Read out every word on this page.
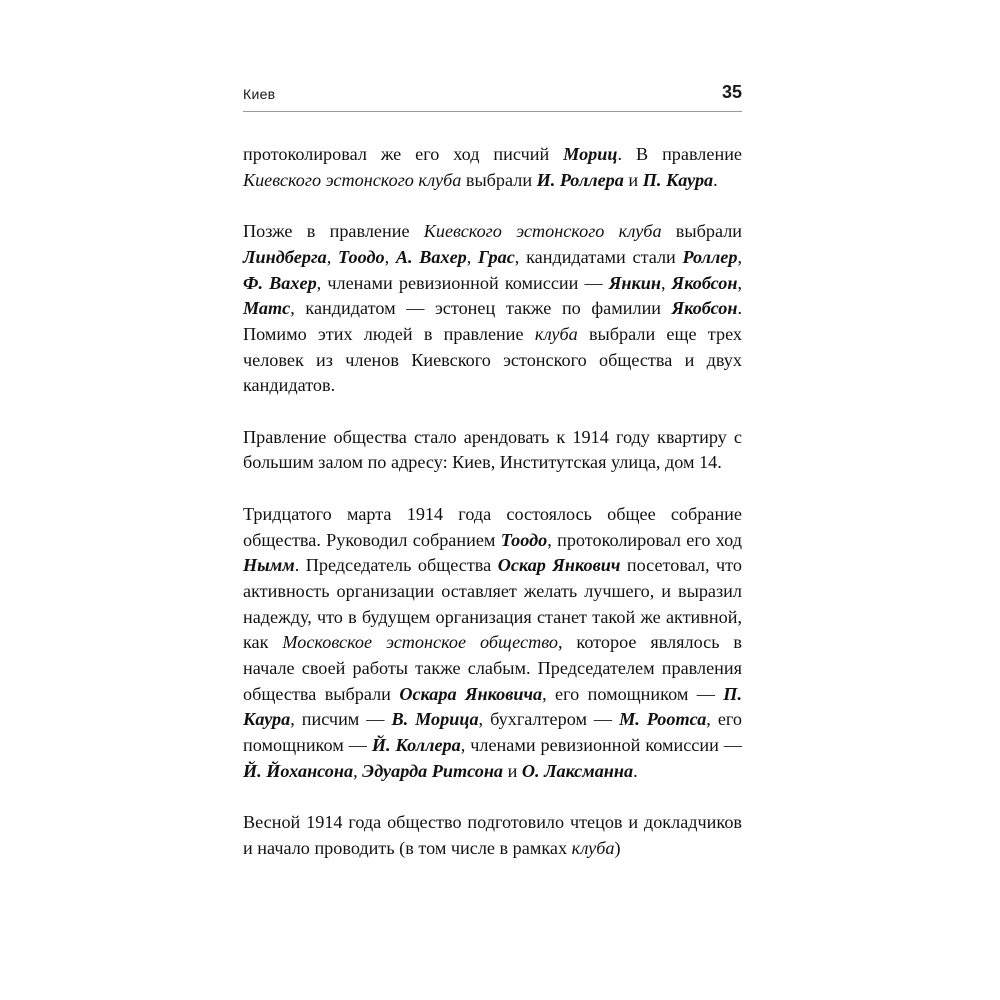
Киев	35

протоколировал же его ход писчий Мориц. В правление Киевского эстонского клуба выбрали И. Роллера и П. Каура.

Позже в правление Киевского эстонского клуба выбрали Линдберга, Тоодо, А. Вахер, Грас, кандидатами стали Роллер, Ф. Вахер, членами ревизионной комиссии — Янкин, Якобсон, Матс, кандидатом — эстонец также по фамилии Якобсон. Помимо этих людей в правление клуба выбрали еще трех человек из членов Киевского эстонского общества и двух кандидатов.

Правление общества стало арендовать к 1914 году квартиру с большим залом по адресу: Киев, Институтская улица, дом 14.

Тридцатого марта 1914 года состоялось общее собрание общества. Руководил собранием Тоодо, протоколировал его ход Нымм. Председатель общества Оскар Янкович посетовал, что активность организации оставляет желать лучшего, и выразил надежду, что в будущем организация станет такой же активной, как Московское эстонское общество, которое являлось в начале своей работы также слабым. Председателем правления общества выбрали Оскара Янковича, его помощником — П. Каура, писчим — В. Морица, бухгалтером — М. Роотса, его помощником — Й. Коллера, членами ревизионной комиссии — Й. Йохансона, Эдуарда Ритсона и О. Лаксманна.

Весной 1914 года общество подготовило чтецов и докладчиков и начало проводить (в том числе в рамках клуба)
